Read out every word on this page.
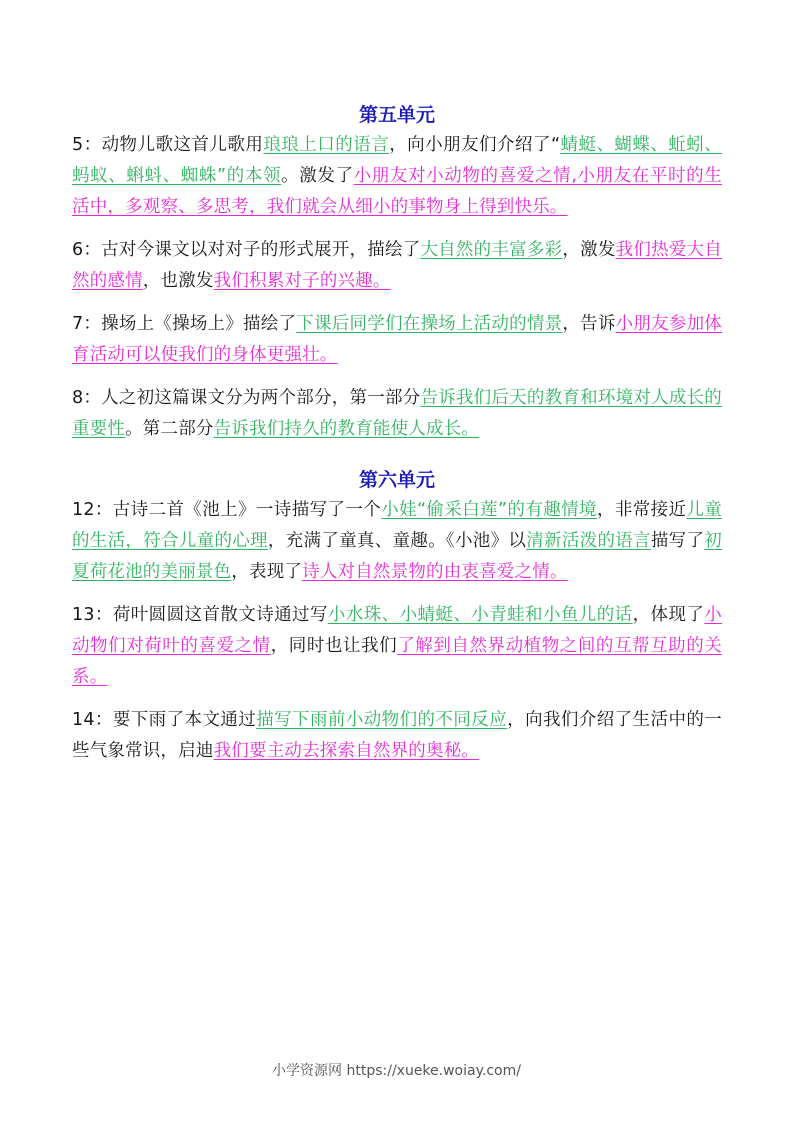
第五单元

5：动物儿歌这首儿歌用琅琅上口的语言，向小朋友们介绍了“蜻蜓、蝴蝶、蚯蚓、蚂蚁、蝌蚪、蜘蛛”的本领。激发了小朋友对小动物的喜爱之情,小朋友在平时的生活中，多观察、多思考，我们就会从细小的事物身上得到快乐。

6：古对今课文以对对子的形式展开，描绘了大自然的丰富多彩，激发我们热爱大自然的感情，也激发我们积累对子的兴趣。

7：操场上《操场上》描绘了下课后同学们在操场上活动的情景，告诉小朋友参加体育活动可以使我们的身体更强壮。

8：人之初这篇课文分为两个部分，第一部分告诉我们后天的教育和环境对人成长的重要性。第二部分告诉我们持久的教育能使人成长。

第六单元

12：古诗二首《池上》一诗描写了一个小娃“偷采白莲”的有趣情境，非常接近儿童的生活，符合儿童的心理，充满了童真、童趣。《小池》以清新活泼的语言描写了初夏荷花池的美丽景色，表现了诗人对自然景物的由衷喜爱之情。

13：荷叶圆圆这首散文诗通过写小水珠、小蜻蜓、小青蛙和小鱼儿的话，体现了小动物们对荷叶的喜爱之情，同时也让我们了解到自然界动植物之间的互帮互助的关系。

14：要下雨了本文通过描写下雨前小动物们的不同反应，向我们介绍了生活中的一些气象常识，启迪我们要主动去探索自然界的奥秘。

小学资源网 https://xueke.woiay.com/
